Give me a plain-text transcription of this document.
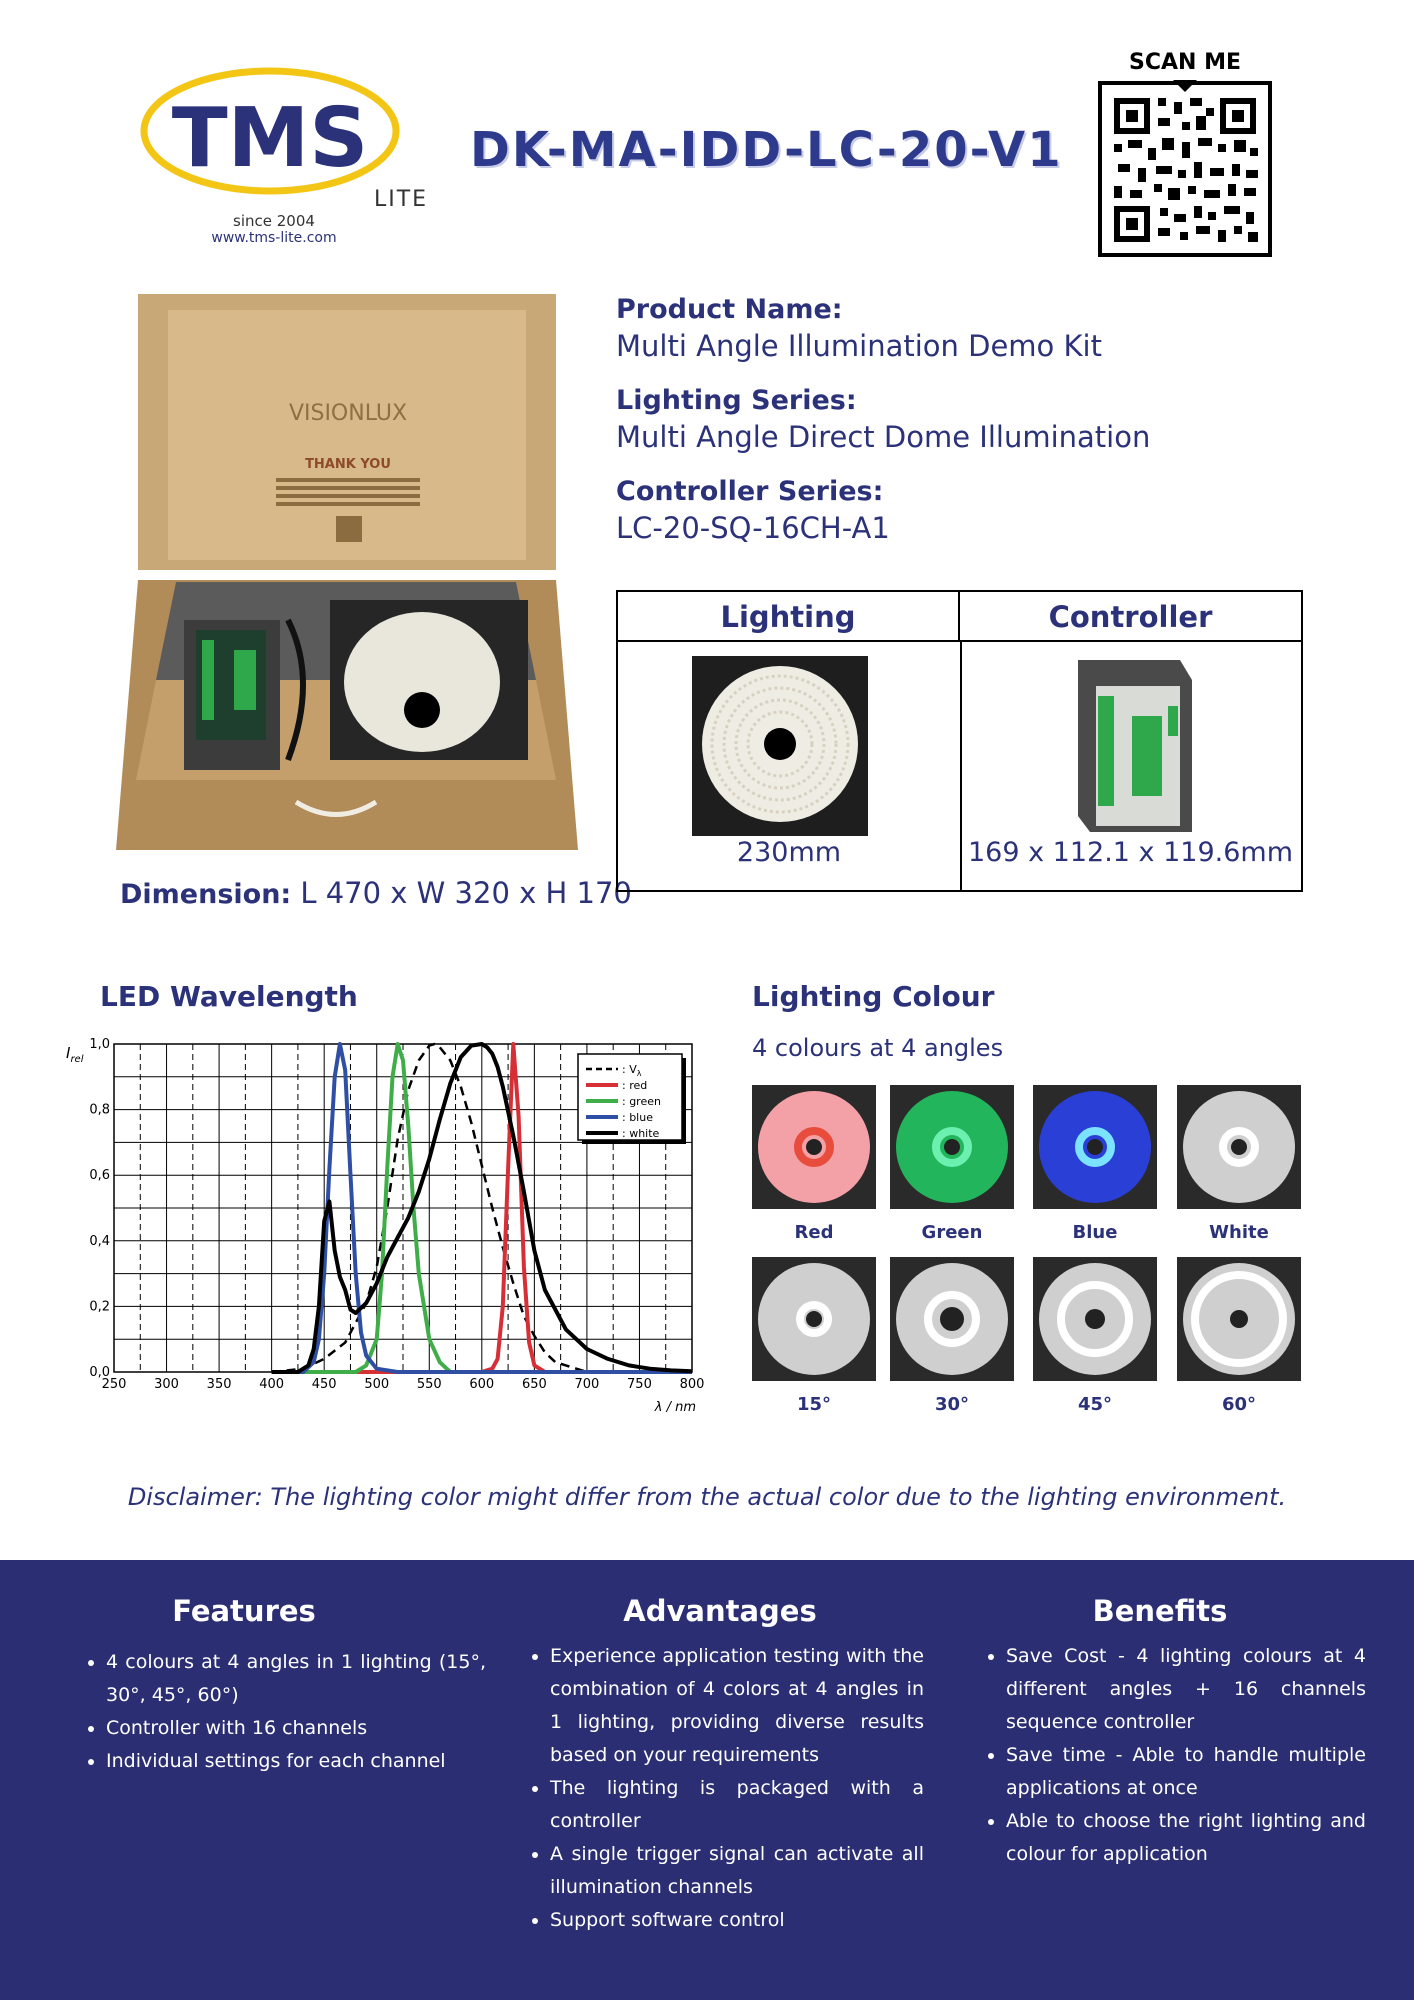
TMS
LITE
since 2004
www.tms-lite.com
DK-MA-IDD-LC-20-V1
SCAN ME
VISIONLUX
THANK YOU
Dimension: L 470 x W 320 x H 170
Product Name:
Multi Angle Illumination Demo Kit
Lighting Series:
Multi Angle Direct Dome Illumination
Controller Series:
LC-20-SQ-16CH-A1
Lighting	Controller
230mm	169 x 112.1 x 119.6mm
LED Wavelength
250 300 350 400 450 500 550 600 650 700 750 800
0,0
0,2
0,4
0,6
0,8
1,0
: $V_\lambda$
: red
: green
: blue
: white
$I_{rel}$
λ / nm
Lighting Colour
4 colours at 4 angles
Disclaimer: The lighting color might differ from the actual color due to the lighting environment.
Features
• 4 colours at 4 angles in 1 lighting (15°, 30°, 45°, 60°)
• Controller with 16 channels
• Individual settings for each channel
Advantages
• Experience application testing with the combination of 4 colors at 4 angles in 1 lighting, providing diverse results based on your requirements
• The lighting is packaged with a controller
• A single trigger signal can activate all illumination channels
• Support software control
Benefits
• Save Cost - 4 lighting colours at 4 different angles + 16 channels sequence controller
• Save time - Able to handle multiple applications at once
• Able to choose the right lighting and colour for application
Red	Green	Blue	White
15°	30°	45°	60°
